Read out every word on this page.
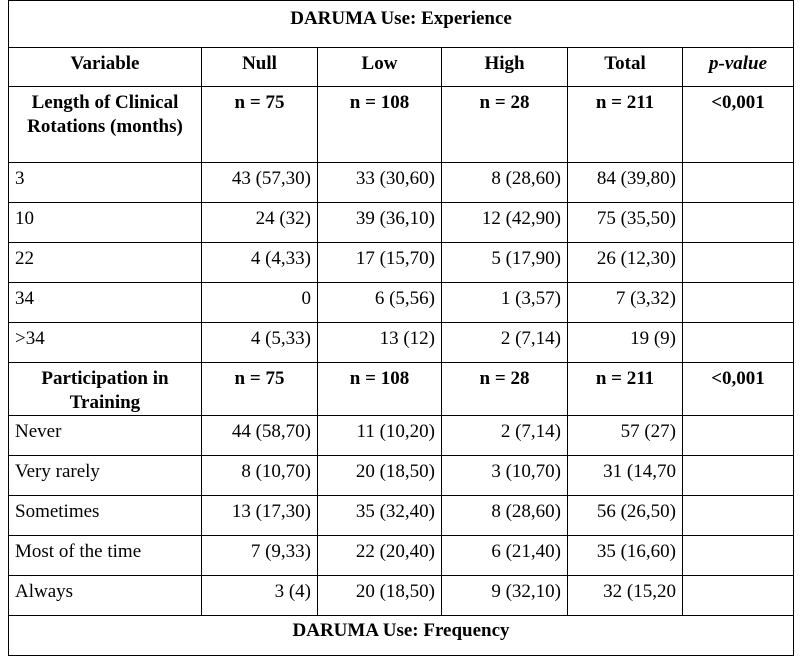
DARUMA Use: Experience					
Variable	Null	Low	High	Total	p-value
Length of Clinical Rotations (months)	n = 75	n = 108	n = 28	n = 211	<0,001
3	43 (57,30)	33 (30,60)	8 (28,60)	84 (39,80)	
10	24 (32)	39 (36,10)	12 (42,90)	75 (35,50)	
22	4 (4,33)	17 (15,70)	5 (17,90)	26 (12,30)	
34	0	6 (5,56)	1 (3,57)	7 (3,32)	
>34	4 (5,33)	13 (12)	2 (7,14)	19 (9)	
Participation in Training	n = 75	n = 108	n = 28	n = 211	<0,001
Never	44 (58,70)	11 (10,20)	2 (7,14)	57 (27)	
Very rarely	8 (10,70)	20 (18,50)	3 (10,70)	31 (14,70	
Sometimes	13 (17,30)	35 (32,40)	8 (28,60)	56 (26,50)	
Most of the time	7 (9,33)	22 (20,40)	6 (21,40)	35 (16,60)	
Always	3 (4)	20 (18,50)	9 (32,10)	32 (15,20	
DARUMA Use: Frequency					
